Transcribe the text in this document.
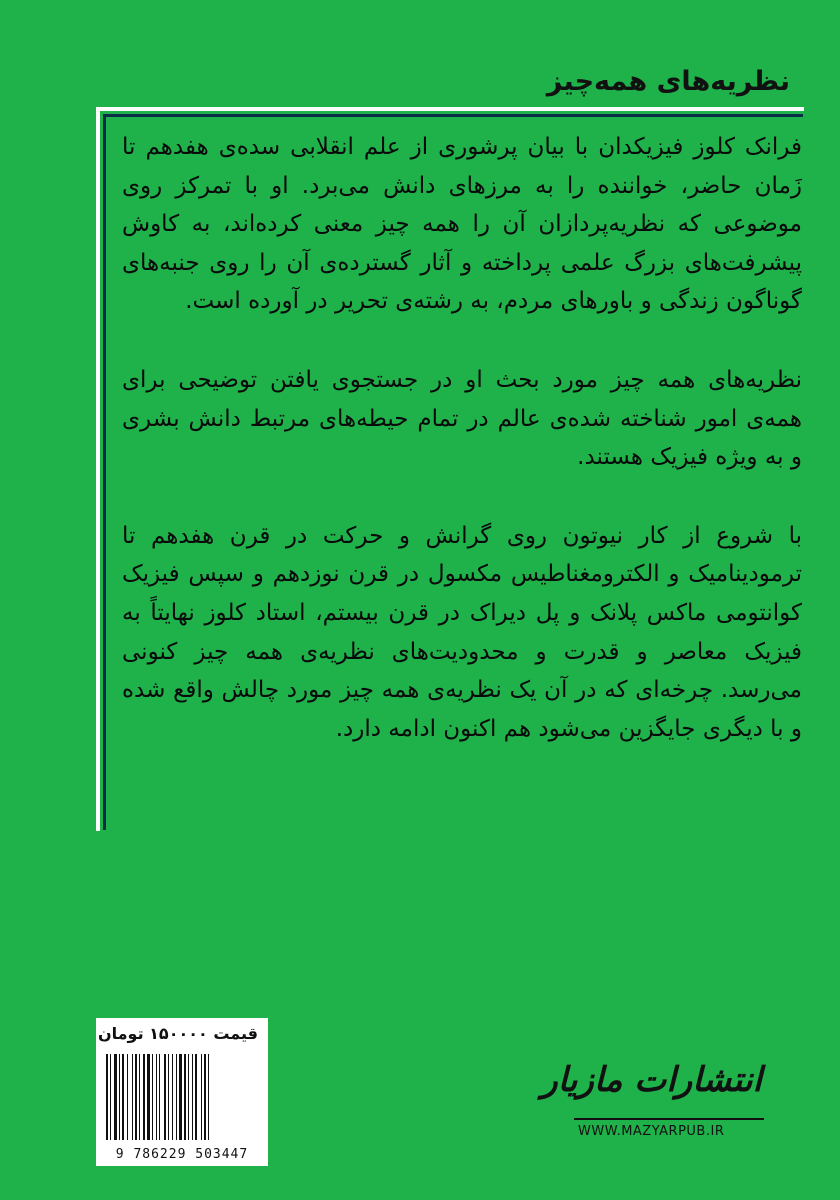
نظریه‌های همه‌چیز

فرانک کلوز فیزیکدان با بیان پرشوری از علم انقلابی سده‌ی هفدهم تا زَمان حاضر، خواننده را به مرزهای دانش می‌برد. او با تمرکز روی موضوعی که نظریه‌پردازان آن را همه چیز معنی کرده‌اند، به کاوش پیشرفت‌های بزرگ علمی پرداخته و آثار گسترده‌ی آن را روی جنبه‌های گوناگون زندگی و باورهای مردم، به رشته‌ی تحریر در آورده است.

نظریه‌های همه چیز مورد بحث او در جستجوی یافتن توضیحی برای همه‌ی امور شناخته شده‌ی عالم در تمام حیطه‌های مرتبط دانش بشری و به ویژه فیزیک هستند.

با شروع از کار نیوتون روی گرانش و حرکت در قرن هفدهم تا ترمودینامیک و الکترومغناطیس مکسول در قرن نوزدهم و سپس فیزیک کوانتومی ماکس پلانک و پل دیراک در قرن بیستم، استاد کلوز نهایتاً به فیزیک معاصر و قدرت و محدودیت‌های نظریه‌ی همه چیز کنونی می‌رسد. چرخه‌ای که در آن یک نظریه‌ی همه چیز مورد چالش واقع شده و با دیگری جایگزین می‌شود هم اکنون ادامه دارد.

قیمت ۱۵۰۰۰۰ تومان

9 786229 503447
انتشارات مازیار
WWW.MAZYARPUB.IR
